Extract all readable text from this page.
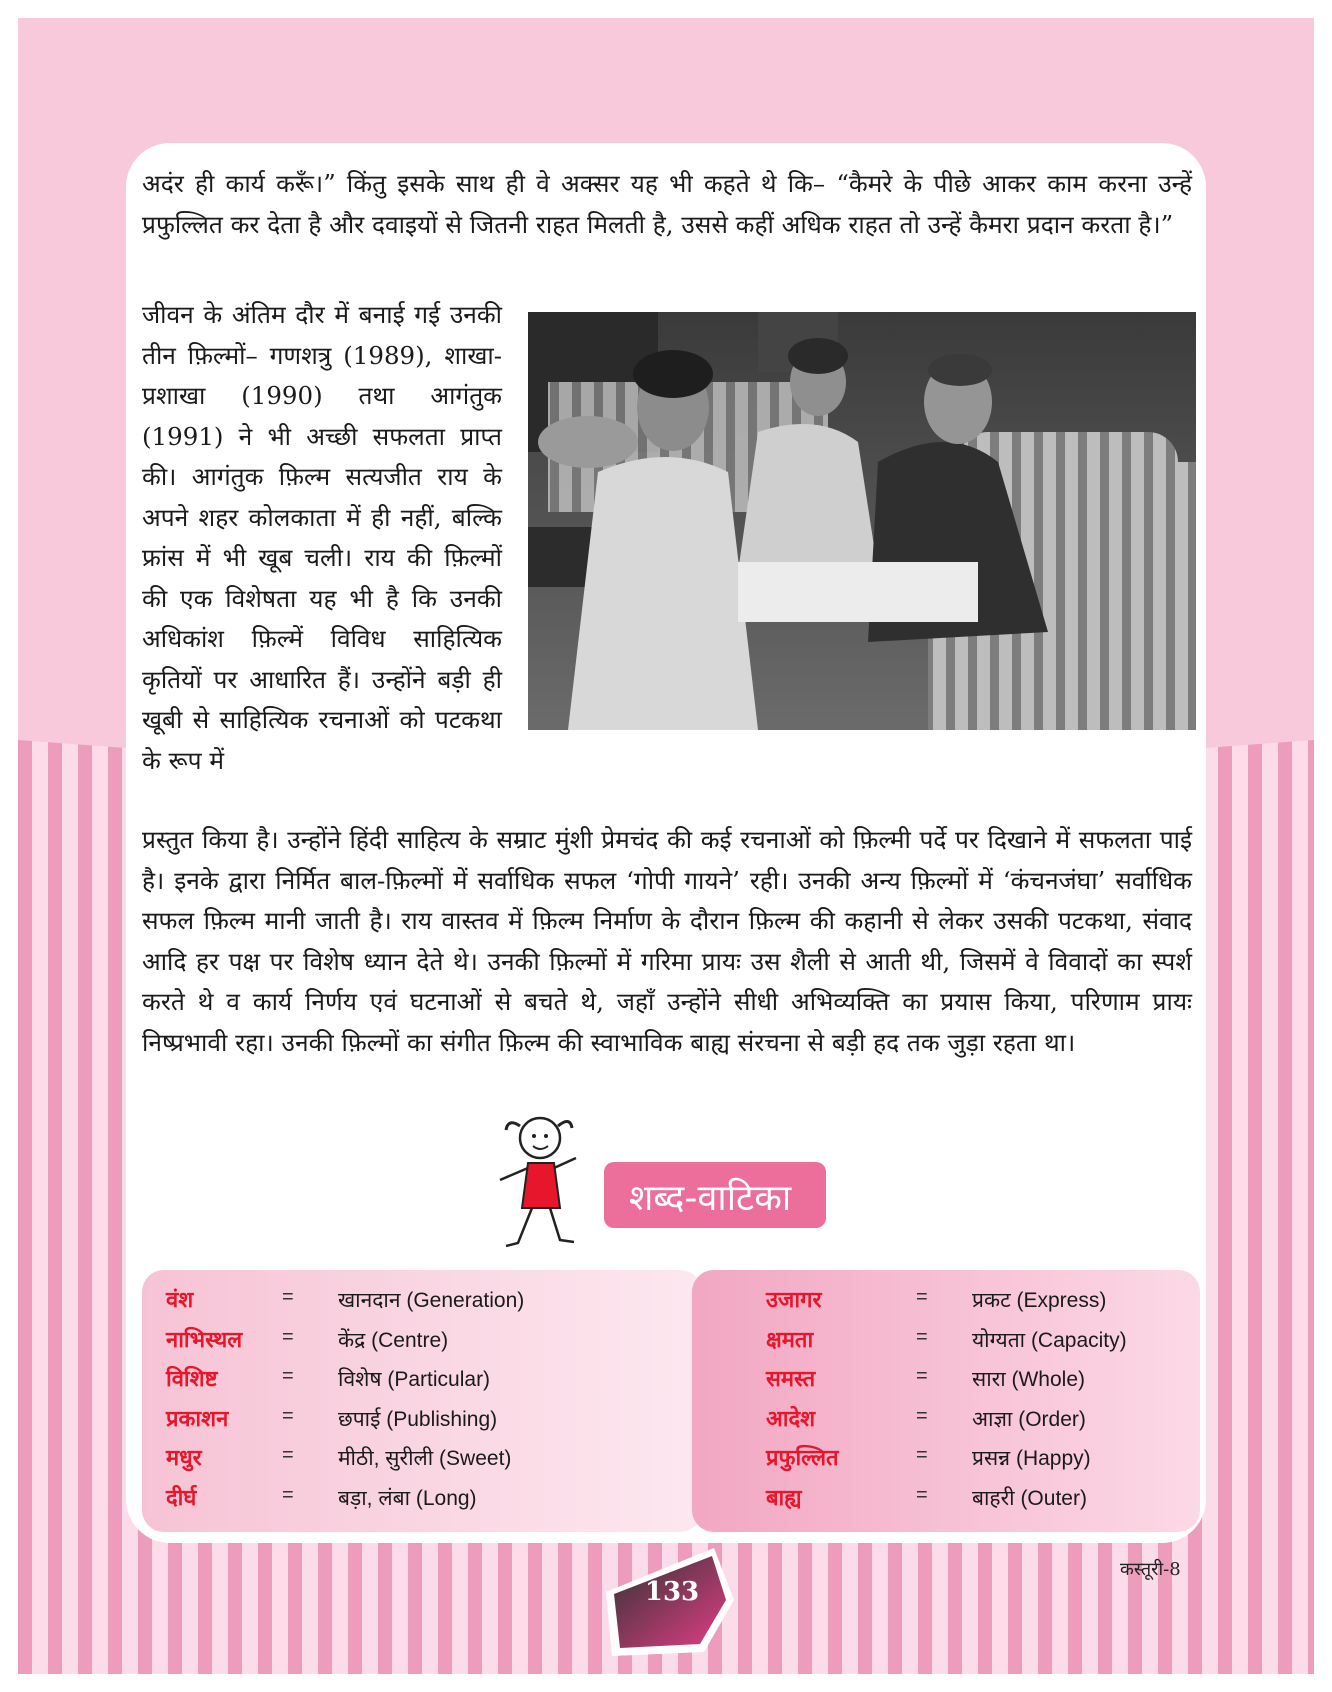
अदंर ही कार्य करूँ।” किंतु इसके साथ ही वे अक्सर यह भी कहते थे कि– “कैमरे के पीछे आकर काम करना उन्हें प्रफुल्लित कर देता है और दवाइयों से जितनी राहत मिलती है, उससे कहीं अधिक राहत तो उन्हें कैमरा प्रदान करता है।”

जीवन के अंतिम दौर में बनाई गई उनकी तीन फ़िल्मों– गणशत्रु (1989), शाखा-प्रशाखा (1990) तथा आगंतुक (1991) ने भी अच्छी सफलता प्राप्त की। आगंतुक फ़िल्म सत्यजीत राय के अपने शहर कोलकाता में ही नहीं, बल्कि फ्रांस में भी खूब चली। राय की फ़िल्मों की एक विशेषता यह भी है कि उनकी अधिकांश फ़िल्में विविध साहित्यिक कृतियों पर आधारित हैं। उन्होंने बड़ी ही खूबी से साहित्यिक रचनाओं को पटकथा के रूप में

प्रस्तुत किया है। उन्होंने हिंदी साहित्य के सम्राट मुंशी प्रेमचंद की कई रचनाओं को फ़िल्मी पर्दे पर दिखाने में सफलता पाई है। इनके द्वारा निर्मित बाल-फ़िल्मों में सर्वाधिक सफल ‘गोपी गायने’ रही। उनकी अन्य फ़िल्मों में ‘कंचनजंघा’ सर्वाधिक सफल फ़िल्म मानी जाती है। राय वास्तव में फ़िल्म निर्माण के दौरान फ़िल्म की कहानी से लेकर उसकी पटकथा, संवाद आदि हर पक्ष पर विशेष ध्यान देते थे। उनकी फ़िल्मों में गरिमा प्रायः उस शैली से आती थी, जिसमें वे विवादों का स्पर्श करते थे व कार्य निर्णय एवं घटनाओं से बचते थे, जहाँ उन्होंने सीधी अभिव्यक्ति का प्रयास किया, परिणाम प्रायः निष्प्रभावी रहा। उनकी फ़िल्मों का संगीत फ़िल्म की स्वाभाविक बाह्य संरचना से बड़ी हद तक जुड़ा रहता था।

शब्द-वाटिका
वंश	= खानदान (Generation)
नाभिस्थल = केंद्र (Centre)
विशिष्ट	= विशेष (Particular)
प्रकाशन	= छपाई (Publishing)
मधुर	= मीठी, सुरीली (Sweet)
दीर्घ	= बड़ा, लंबा (Long)
उजागर	= प्रकट (Express)
क्षमता	= योग्यता (Capacity)
समस्त	= सारा (Whole)
आदेश	= आज्ञा (Order)
प्रफुल्लित	= प्रसन्न (Happy)
बाह्य	= बाहरी (Outer)
कस्तूरी-8
133
